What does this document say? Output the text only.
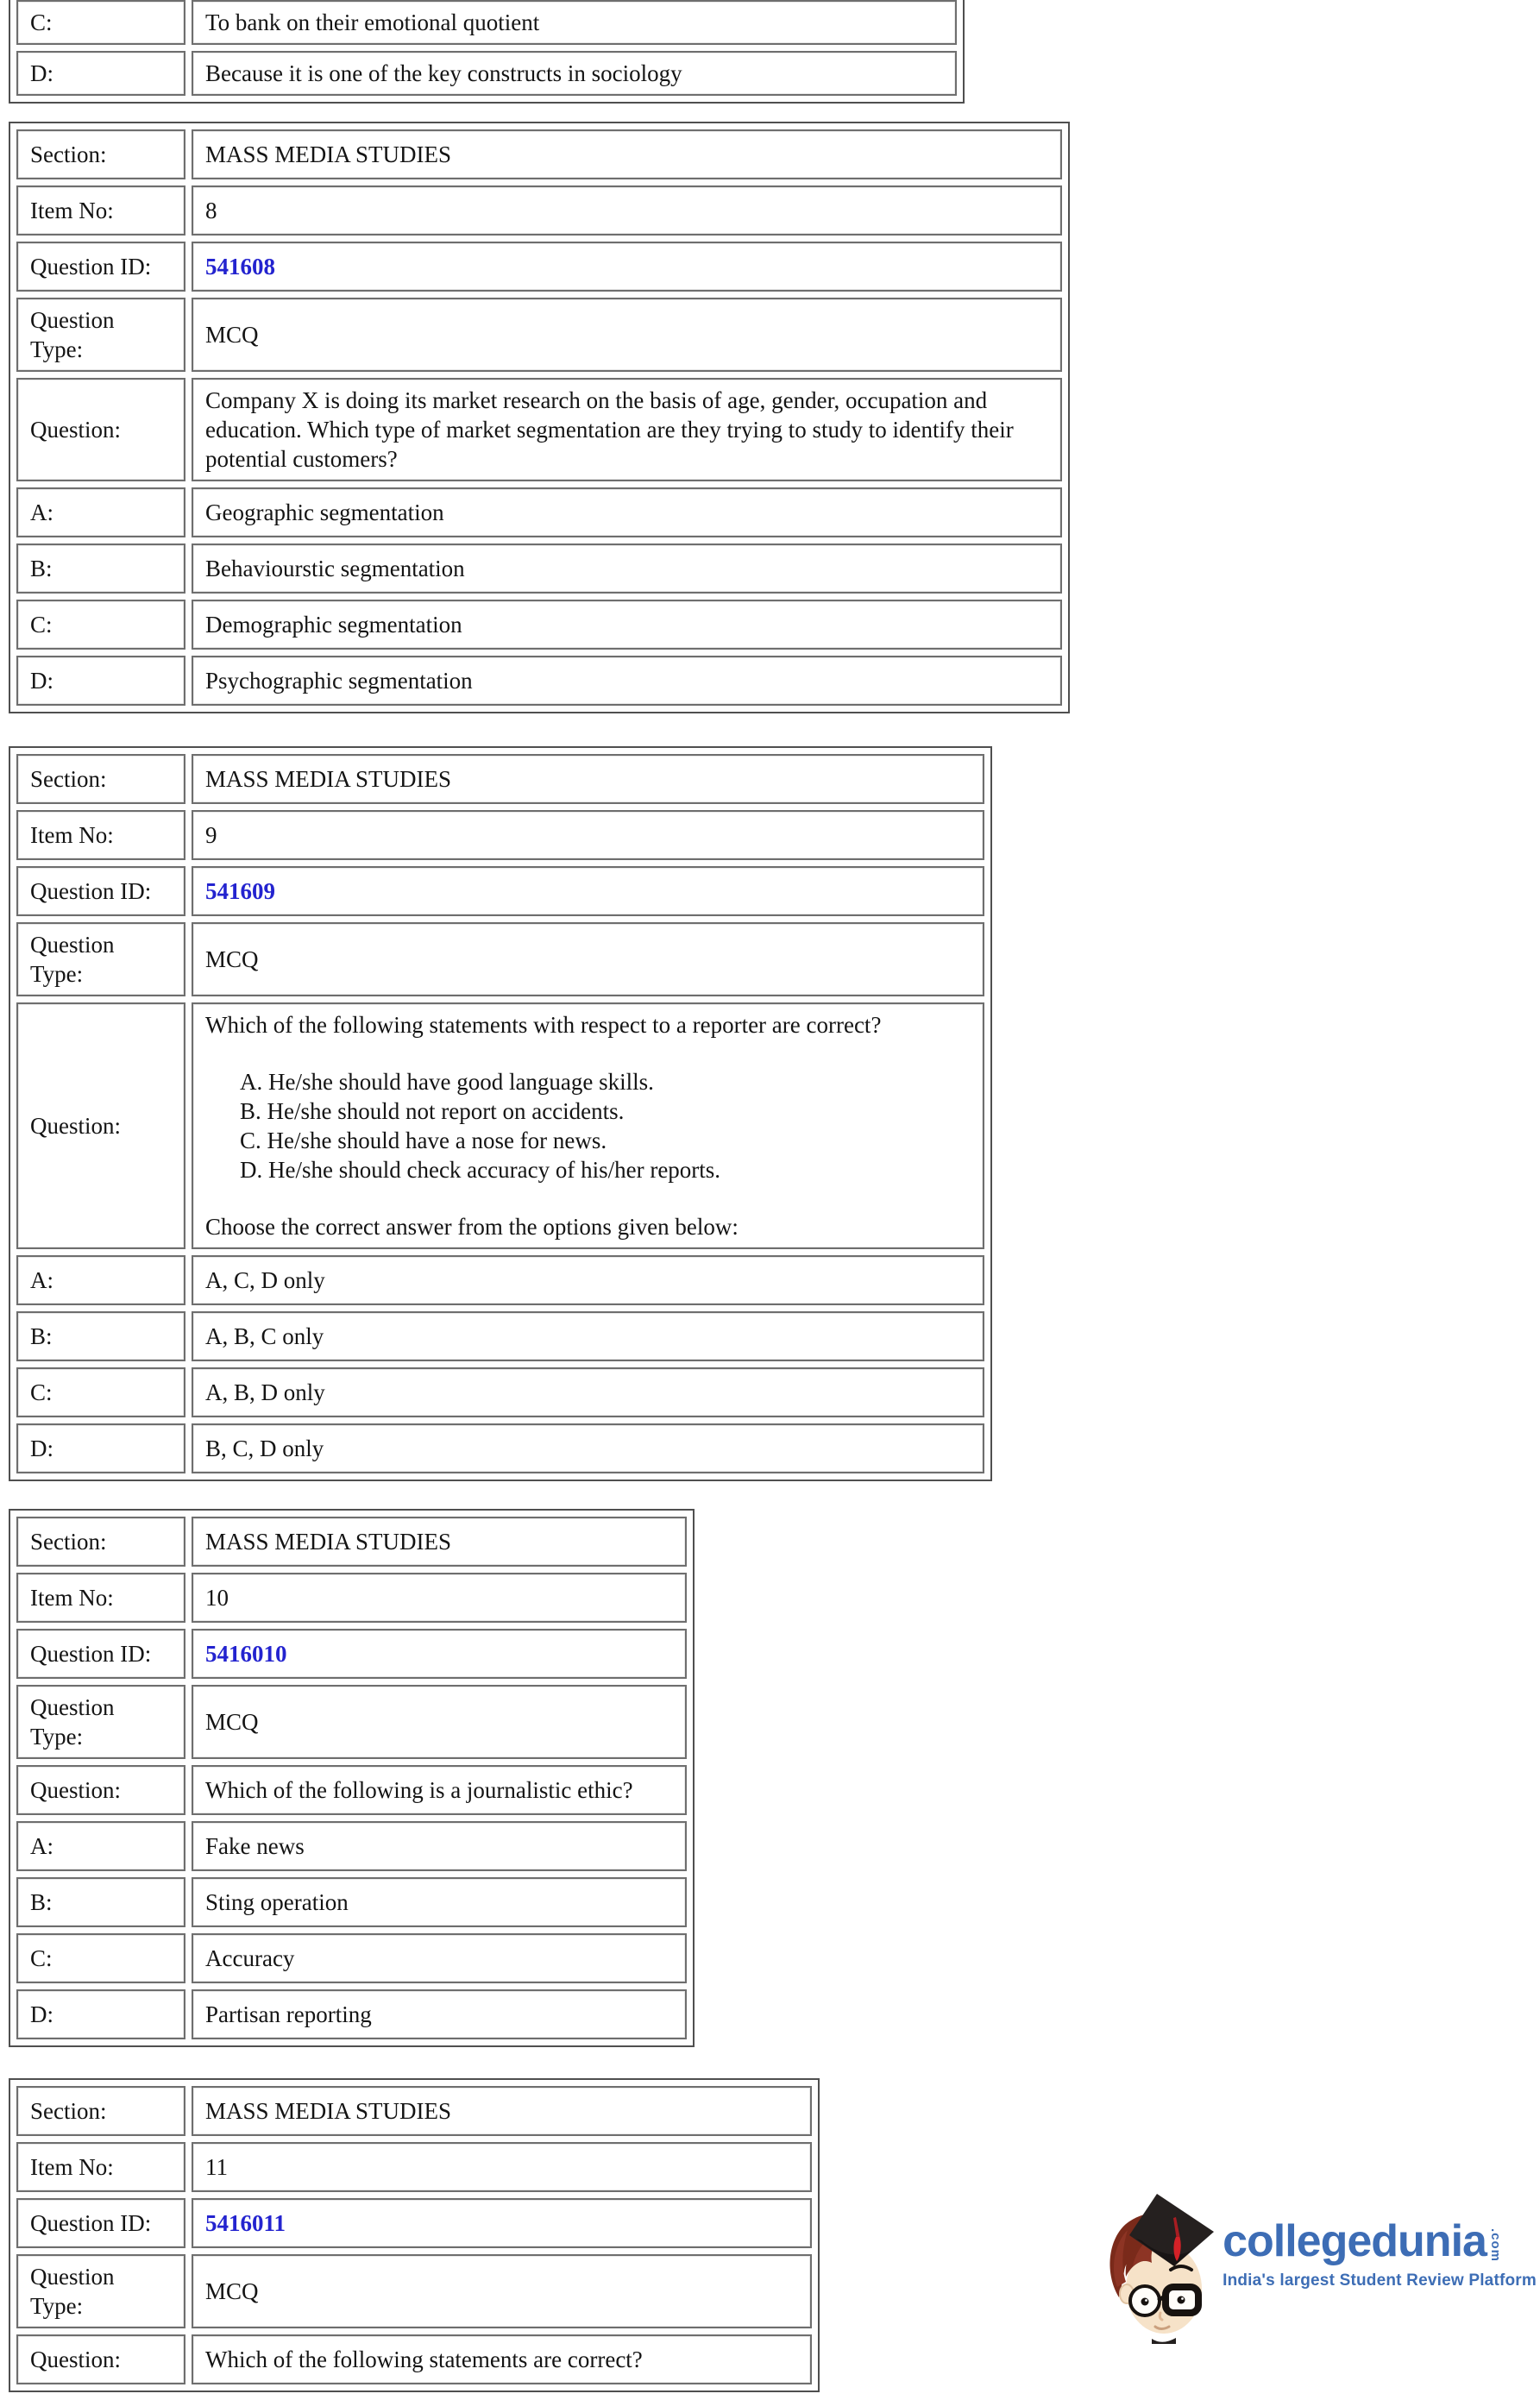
C:	To bank on their emotional quotient
D:	Because it is one of the key constructs in sociology
Section:	MASS MEDIA STUDIES
Item No:	8
Question ID:	541608
Question Type:	MCQ
Question:	Company X is doing its market research on the basis of age, gender, occupation and education. Which type of market segmentation are they trying to study to identify their potential customers?
A:	Geographic segmentation
B:	Behaviourstic segmentation
C:	Demographic segmentation
D:	Psychographic segmentation
Section:	MASS MEDIA STUDIES
Item No:	9
Question ID:	541609
Question Type:	MCQ
Question:	
Which of the following statements with respect to a reporter are correct?
A. He/she should have good language skills.
B. He/she should not report on accidents.
C. He/she should have a nose for news.
D. He/she should check accuracy of his/her reports.
Choose the correct answer from the options given below:

A:	A, C, D only
B:	A, B, C only
C:	A, B, D only
D:	B, C, D only
Section:	MASS MEDIA STUDIES
Item No:	10
Question ID:	5416010
Question Type:	MCQ
Question:	Which of the following is a journalistic ethic?
A:	Fake news
B:	Sting operation
C:	Accuracy
D:	Partisan reporting
Section:	MASS MEDIA STUDIES
Item No:	11
Question ID:	5416011
Question Type:	MCQ
Question:	Which of the following statements are correct?
collegedunia .com
India's largest Student Review Platform
